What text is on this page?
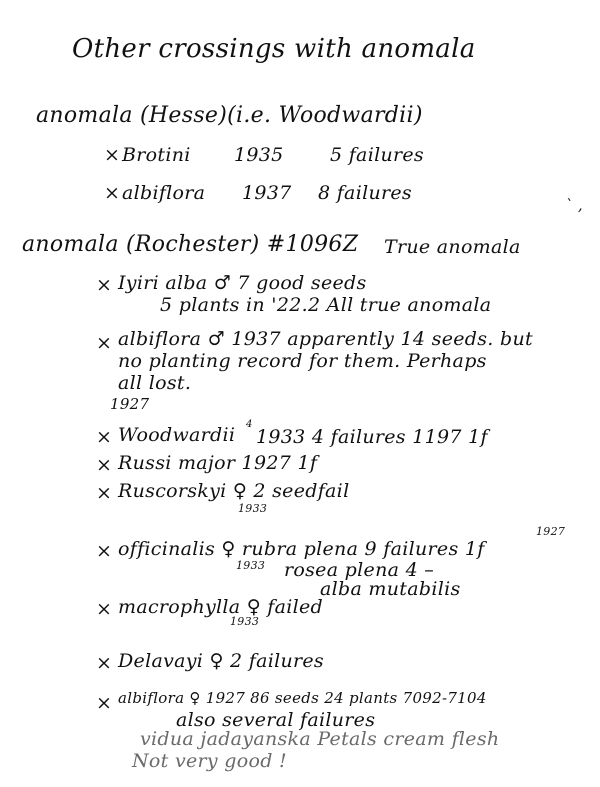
Other crossings with anomala
` ,
anomala (Hesse)(i.e. Woodwardii)
× Brotini 1935 5 failures
× albiflora 1937 8 failures
anomala (Rochester) #1096Z True anomala
× Iyiri alba ♂ 7 good seeds
5 plants in '22.2 All true anomala
× albiflora ♂ 1937 apparently 14 seeds. but
no planting record for them. Perhaps
all lost.
1927
× Woodwardii 4
1933 4 failures 1197 1f
× Russi major 1927 1f
× Ruscorskyi ♀ 2 seedfail
1933
1927
× officinalis ♀ rubra plena 9 failures 1f
1933 rosea plena 4 –
alba mutabilis
× macrophylla ♀ failed
1933
× Delavayi ♀ 2 failures
× albiflora ♀ 1927 86 seeds 24 plants 7092-7104
also several failures
vidua jadayanska Petals cream flesh
Not very good !
